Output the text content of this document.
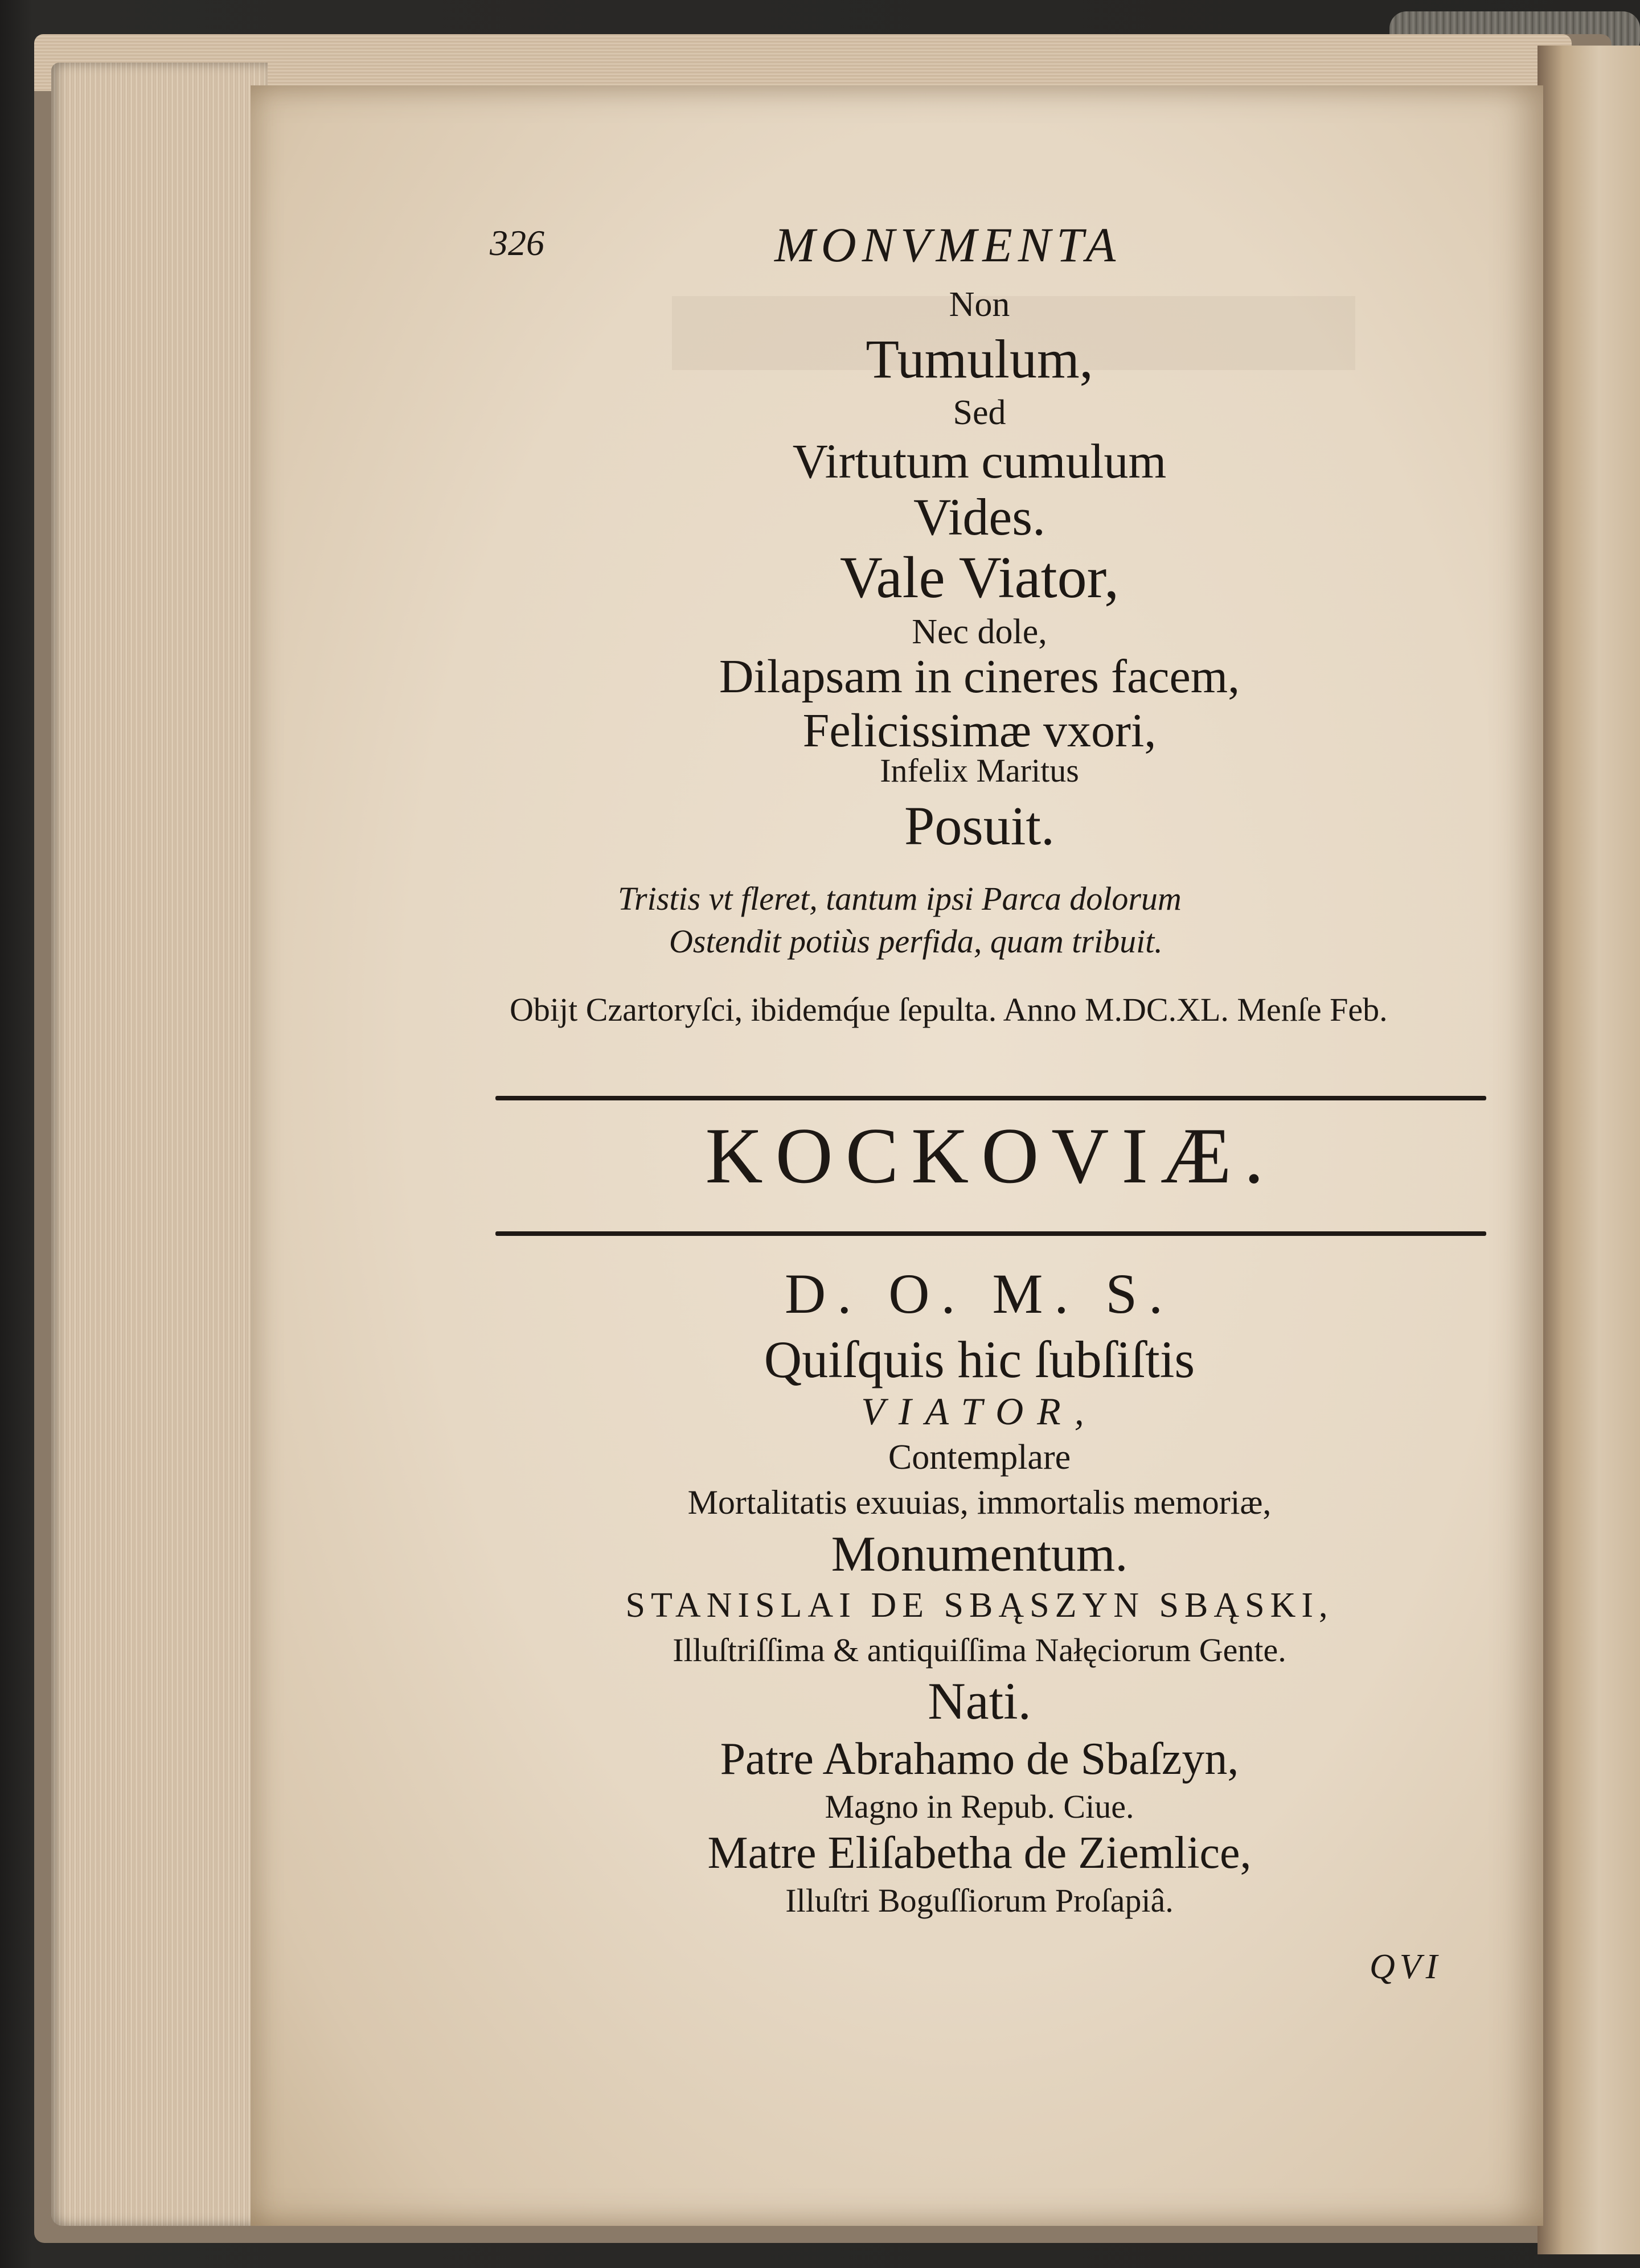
326	MONVMENTA
Non
Tumulum,
Sed
Virtutum cumulum
Vides.
Vale Viator,
Nec dole,
Dilapsam in cineres facem,
Felicissimæ vxori,
Infelix Maritus
Posuit.
Tristis vt fleret, tantum ipsi Parca dolorum
Ostendit potiùs perfida, quam tribuit.
Obijt Czartoryſci, ibidemq́ue ſepulta. Anno M.DC.XL. Menſe Feb.
KOCKOVIÆ.
D. O. M. S.
Quiſquis hic ſubſiſtis
VIATOR,
Contemplare
Mortalitatis exuuias, immortalis memoriæ,
Monumentum.
STANISLAI DE SBĄSZYN SBĄSKI,
Illuſtriſſima & antiquiſſima Nałęciorum Gente.
Nati.
Patre Abrahamo de Sbaſzyn,
Magno in Repub. Ciue.
Matre Eliſabetha de Ziemlice,
Illuſtri Boguſſiorum Proſapiâ.
QVI
